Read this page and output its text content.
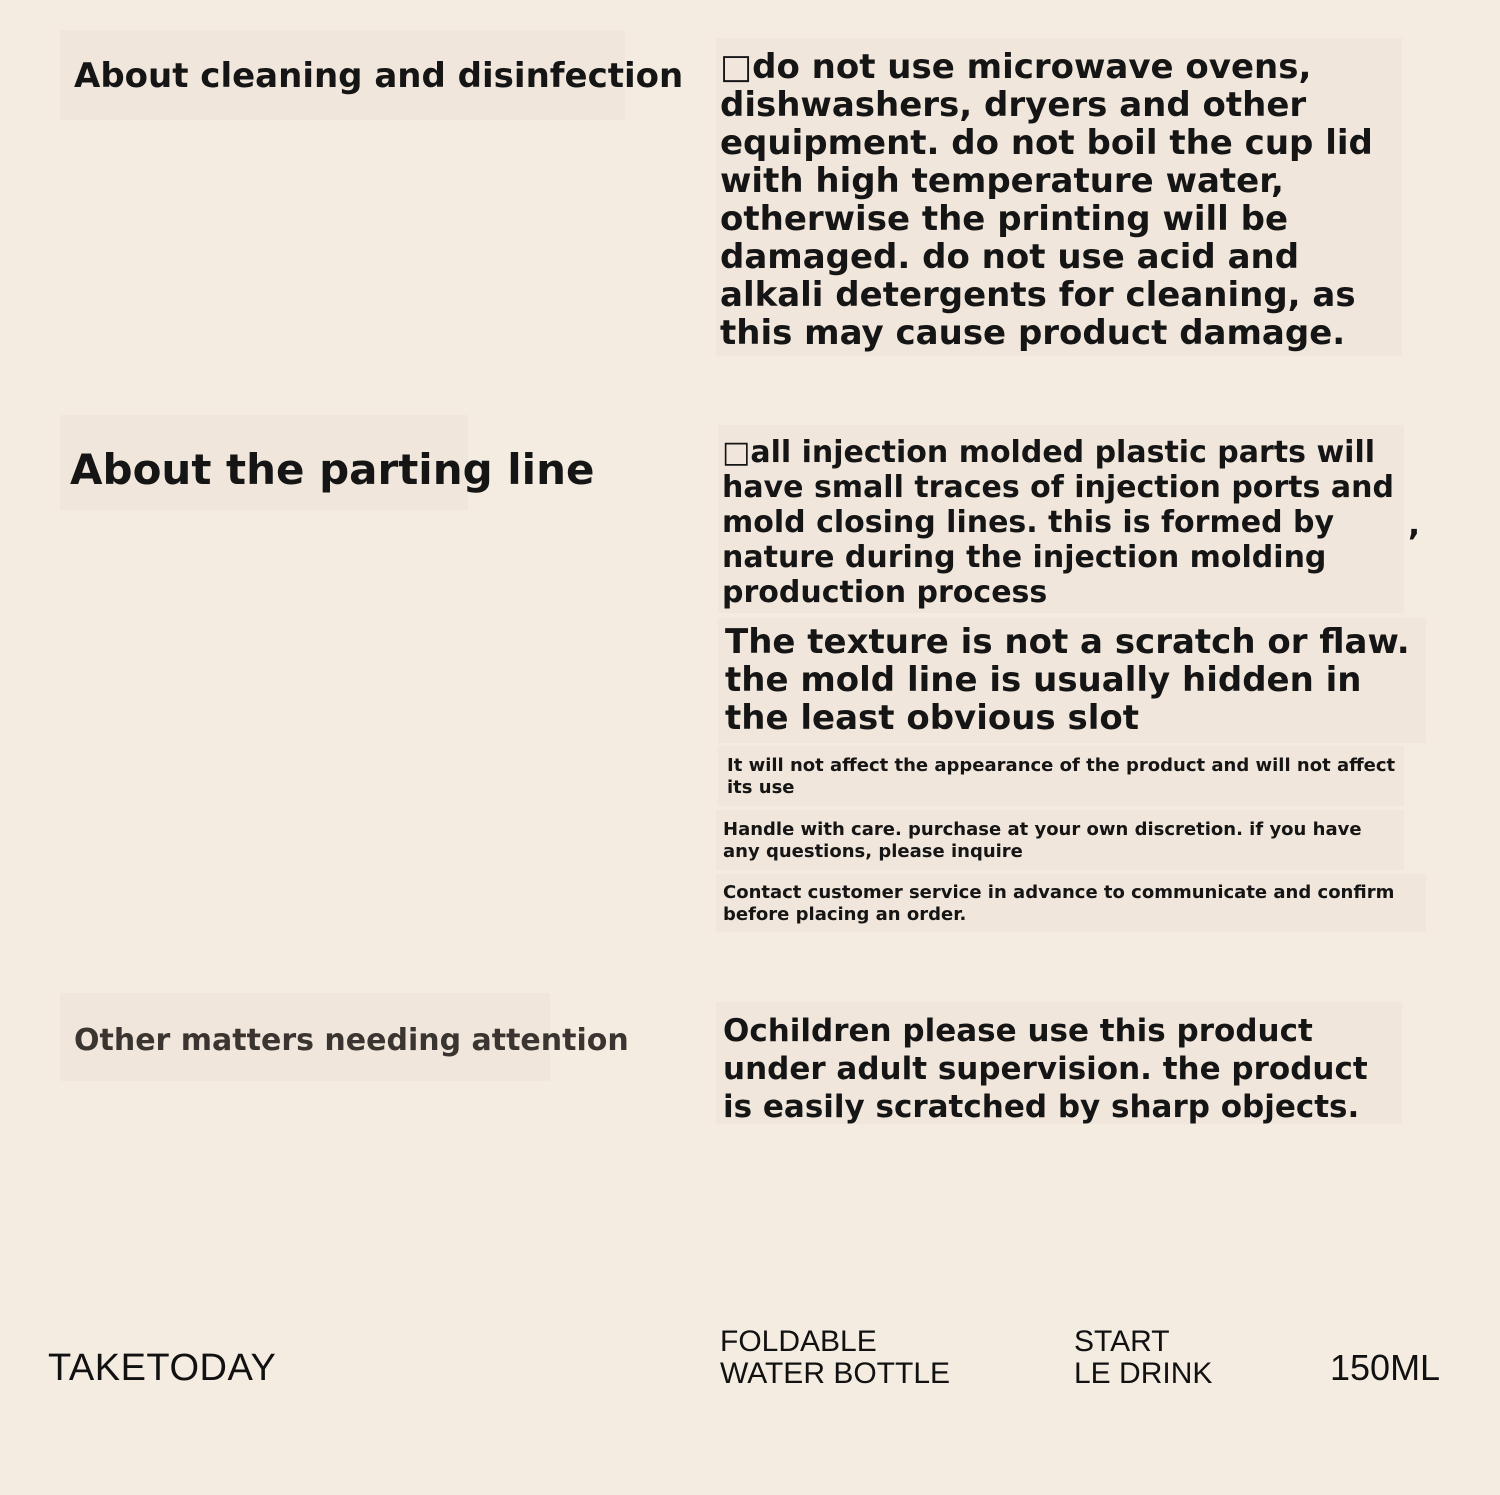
About cleaning and disinfection □do not use microwave ovens, dishwashers, dryers and other equipment. do not boil the cup lid with high temperature water, otherwise the printing will be damaged. do not use acid and alkali detergents for cleaning, as this may cause product damage.

About the parting line	□all injection molded plastic parts will have small traces of injection ports and mold closing lines. this is formed by nature during the injection molding production process

,

The texture is not a scratch or flaw. the mold line is usually hidden in the least obvious slot

It will not affect the appearance of the product and will not affect its use

Handle with care. purchase at your own discretion. if you have any questions, please inquire

Contact customer service in advance to communicate and confirm before placing an order.

Other matters needing attention	Ochildren please use this product under adult supervision. the product is easily scratched by sharp objects.

TAKETODAY
FOLDABLE
WATER BOTTLE
START
LE DRINK	150ML
